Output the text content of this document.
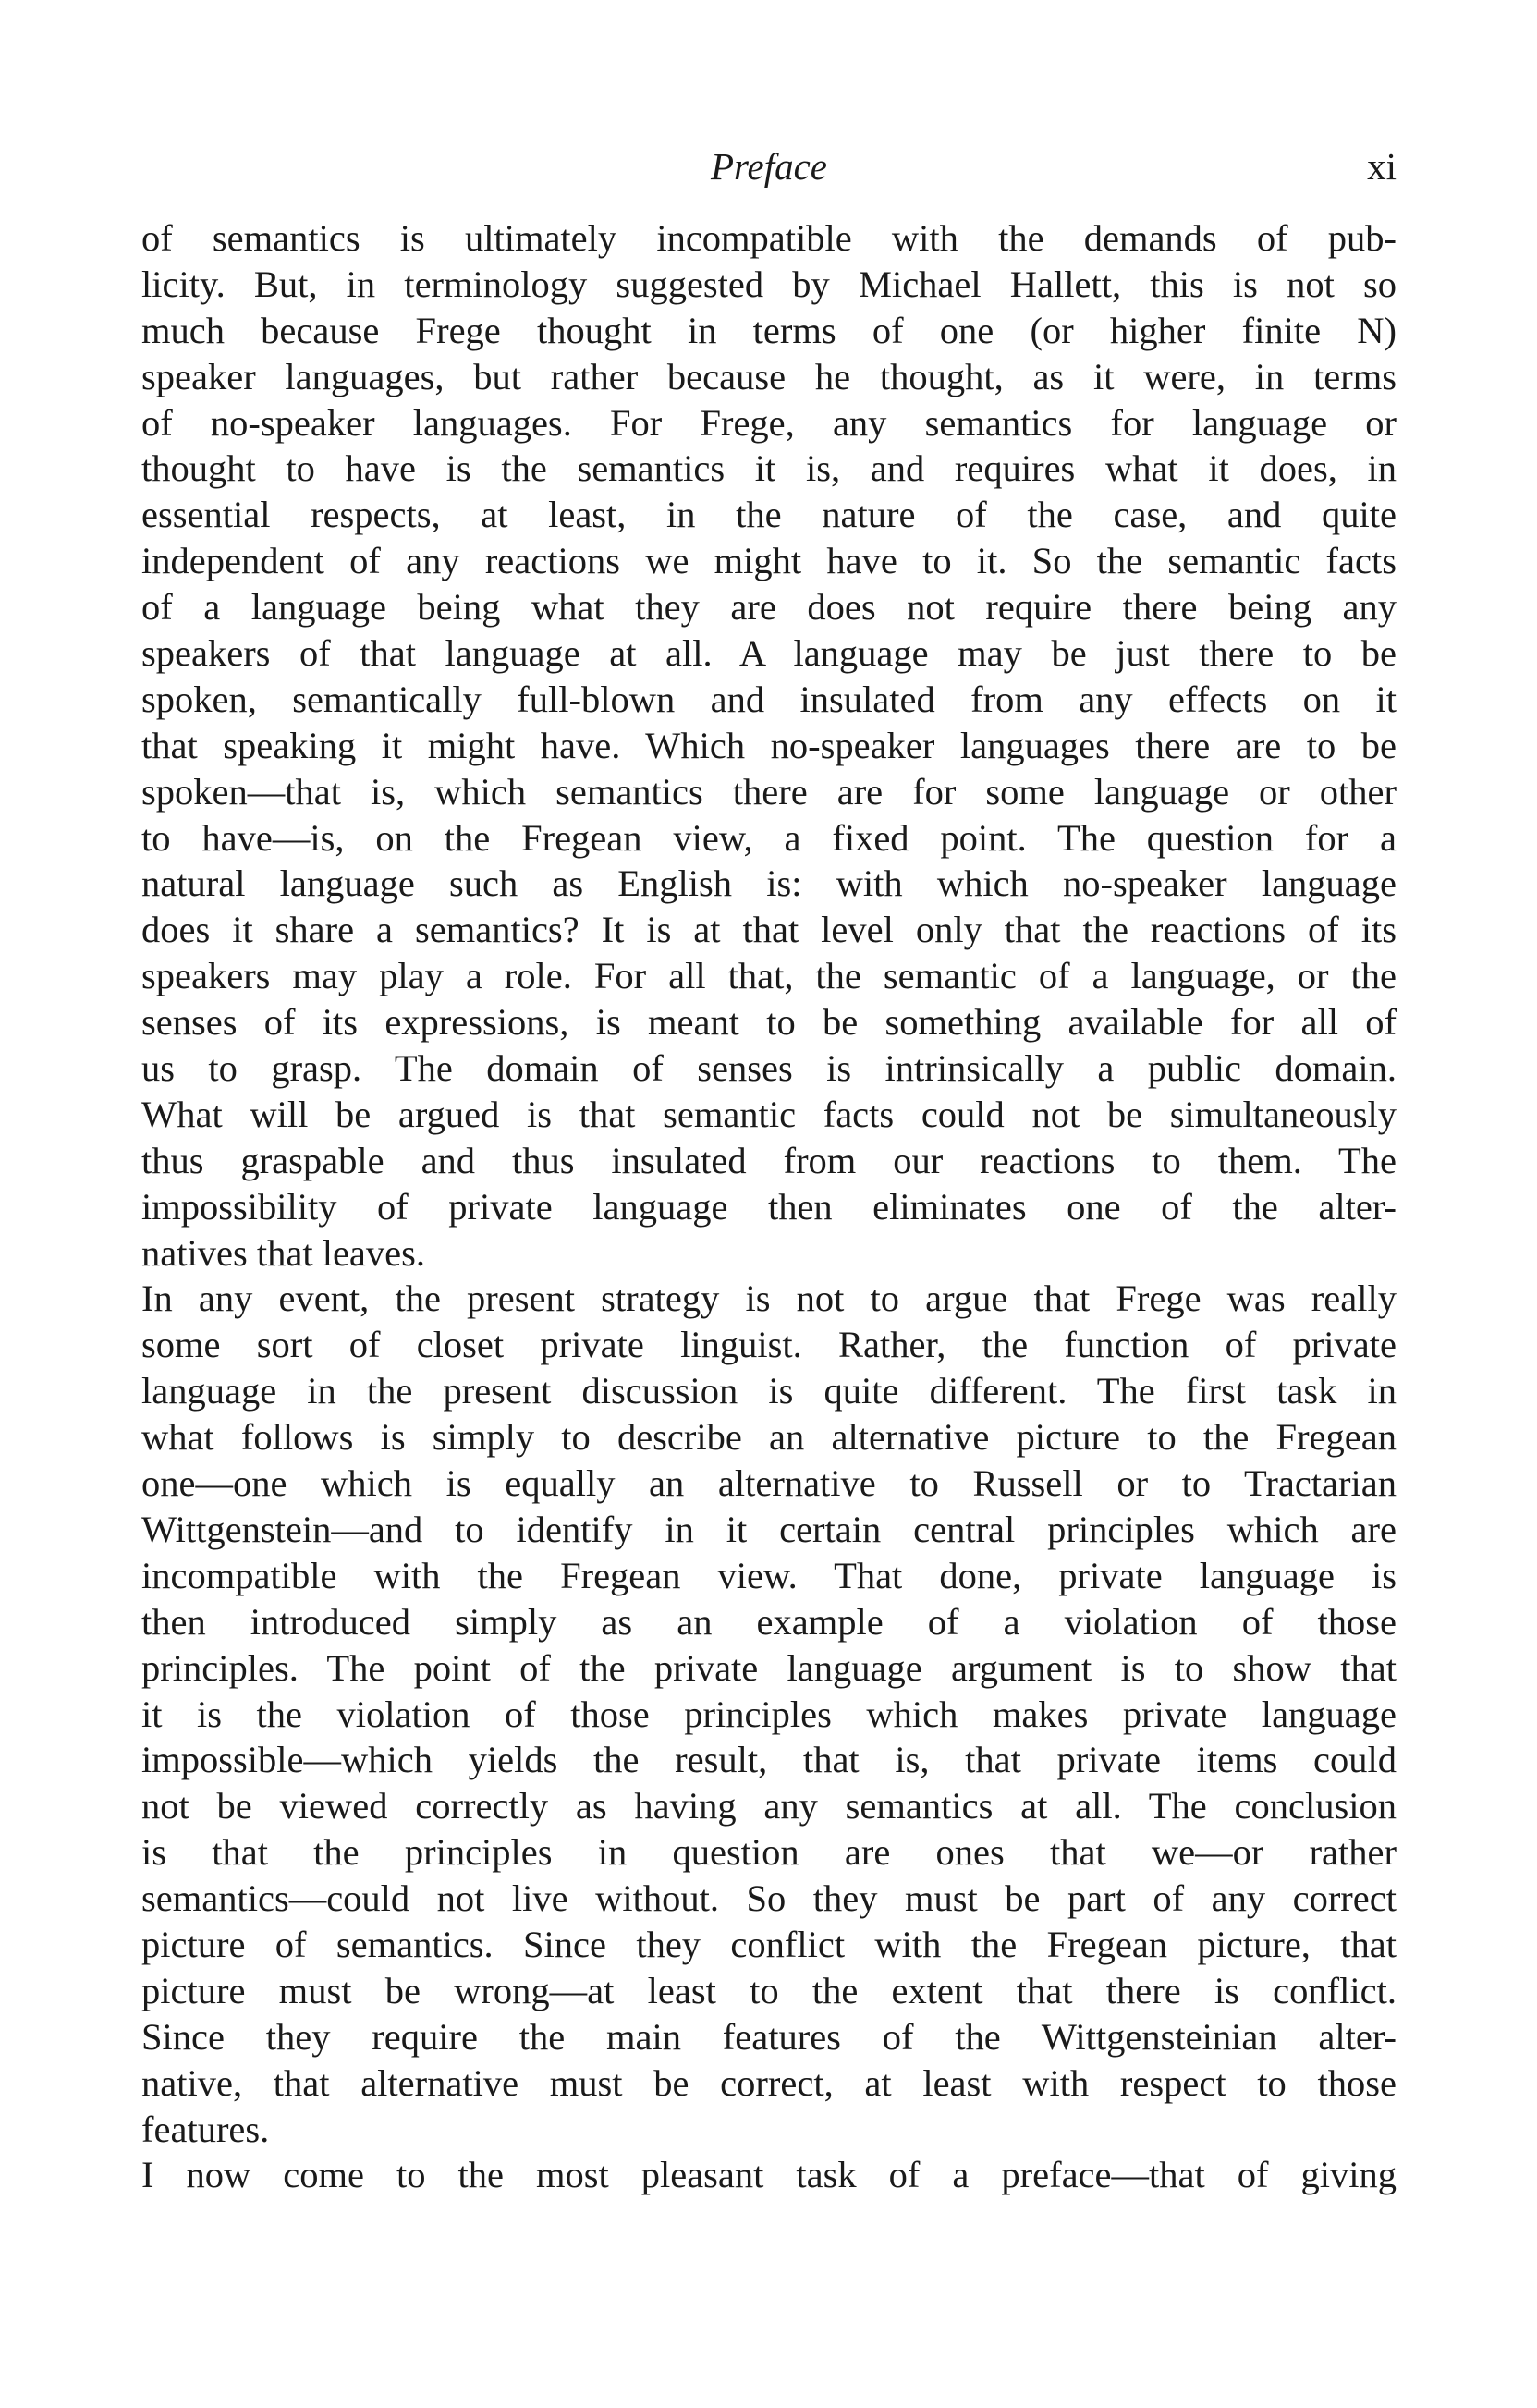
Preface	xi
of semantics is ultimately incompatible with the demands of pub-
licity. But, in terminology suggested by Michael Hallett, this is not so
much because Frege thought in terms of one (or higher finite N)
speaker languages, but rather because he thought, as it were, in terms
of no-speaker languages. For Frege, any semantics for language or
thought to have is the semantics it is, and requires what it does, in
essential respects, at least, in the nature of the case, and quite
independent of any reactions we might have to it. So the semantic facts
of a language being what they are does not require there being any
speakers of that language at all. A language may be just there to be
spoken, semantically full-blown and insulated from any effects on it
that speaking it might have. Which no-speaker languages there are to be
spoken—that is, which semantics there are for some language or other
to have—is, on the Fregean view, a fixed point. The question for a
natural language such as English is: with which no-speaker language
does it share a semantics? It is at that level only that the reactions of its
speakers may play a role. For all that, the semantic of a language, or the
senses of its expressions, is meant to be something available for all of
us to grasp. The domain of senses is intrinsically a public domain.
What will be argued is that semantic facts could not be simultaneously
thus graspable and thus insulated from our reactions to them. The
impossibility of private language then eliminates one of the alter-
natives that leaves.
In any event, the present strategy is not to argue that Frege was really
some sort of closet private linguist. Rather, the function of private
language in the present discussion is quite different. The first task in
what follows is simply to describe an alternative picture to the Fregean
one—one which is equally an alternative to Russell or to Tractarian
Wittgenstein—and to identify in it certain central principles which are
incompatible with the Fregean view. That done, private language is
then introduced simply as an example of a violation of those
principles. The point of the private language argument is to show that
it is the violation of those principles which makes private language
impossible—which yields the result, that is, that private items could
not be viewed correctly as having any semantics at all. The conclusion
is that the principles in question are ones that we—or rather
semantics—could not live without. So they must be part of any correct
picture of semantics. Since they conflict with the Fregean picture, that
picture must be wrong—at least to the extent that there is conflict.
Since they require the main features of the Wittgensteinian alter-
native, that alternative must be correct, at least with respect to those
features.
I now come to the most pleasant task of a preface—that of giving
